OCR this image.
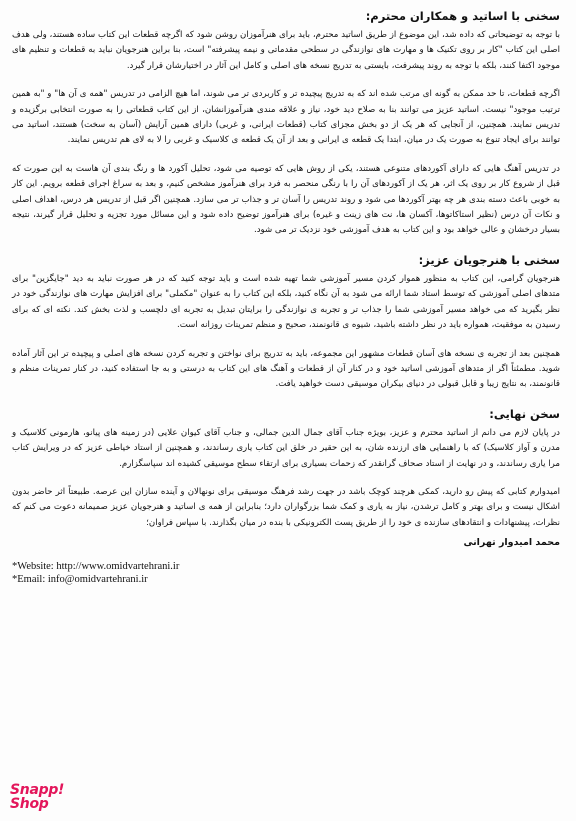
سخنی با اساتید و همکاران محترم:

با توجه به توضیحاتی که داده شد، این موضوع از طریق اساتید محترم، باید برای هنرآموزان روشن شود که اگرچه قطعات این کتاب ساده هستند، ولی هدف اصلی این کتاب "کار بر روی تکنیک ها و مهارت های نوازندگی در سطحی مقدماتی و نیمه پیشرفته" است، بنا براین هنرجویان نباید به قطعات و تنظیم های موجود اکتفا کنند، بلکه با توجه به روند پیشرفت، بایستی به تدریج نسخه های اصلی و کامل این آثار در اختیارشان قرار گیرد.

اگرچه قطعات، تا حد ممکن به گونه ای مرتب شده اند که به تدریج پیچیده تر و کاربردی تر می شوند، اما هیچ الزامی در تدریس "همه ی آن ها" و "به همین ترتیب موجود" نیست. اساتید عزیز می توانند بنا به صلاح دید خود، نیاز و علاقه مندی هنرآموزانشان، از این کتاب قطعاتی را به صورت انتخابی برگزیده و تدریس نمایند. همچنین، از آنجایی که هر یک از دو بخش مجزای کتاب (قطعات ایرانی، و غربی) دارای همین آرایش (آسان به سخت) هستند، اساتید می توانند برای ایجاد تنوع به صورت یک در میان، ابتدا یک قطعه ی ایرانی و بعد از آن یک قطعه ی کلاسیک و غربی را لا به لای هم تدریس نمایند.

در تدریس آهنگ هایی که دارای آکوردهای متنوعی هستند، یکی از روش هایی که توصیه می شود، تحلیل آکورد ها و رنگ بندی آن هاست به این صورت که قبل از شروع کار بر روی یک اثر، هر یک از آکوردهای آن را با رنگی منحصر به فرد برای هنرآموز مشخص کنیم، و بعد به سراغ اجرای قطعه برویم. این کار به خوبی باعث دسته بندی هر چه بهتر آکوردها می شود و روند تدریس را آسان تر و جذاب تر می سازد. همچنین اگر قبل از تدریس هر درس، اهداف اصلی و نکات آن درس (نظیر استاکاتوها، آکسان ها، نت های زینت و غیره) برای هنرآموز توضیح داده شود و این مسائل مورد تجزیه و تحلیل قرار گیرند، نتیجه بسیار درخشان و عالی خواهد بود و این کتاب به هدف آموزشی خود نزدیک تر می شود.

سخنی با هنرجویان عزیز:

هنرجویان گرامی، این کتاب به منظور هموار کردن مسیر آموزشی شما تهیه شده است و باید توجه کنید که در هر صورت نباید به دید "جایگزین" برای متدهای اصلی آموزشی که توسط استاد شما ارائه می شود به آن نگاه کنید، بلکه این کتاب را به عنوان "مکملی" برای افزایش مهارت های نوازندگی خود در نظر بگیرید که می خواهد مسیر آموزشی شما را جذاب تر و تجربه ی نوازندگی را برایتان تبدیل به تجربه ای دلچسب و لذت بخش کند. نکته ای که برای رسیدن به موفقیت، همواره باید در نظر داشته باشید، شیوه ی قانونمند، صحیح و منظم تمرینات روزانه است.

همچنین بعد از تجربه ی نسخه های آسان قطعات مشهور این مجموعه، باید به تدریج برای نواختن و تجربه کردن نسخه های اصلی و پیچیده تر این آثار آماده شوید. مطمئناً اگر از متدهای آموزشی اساتید خود و در کنار آن از قطعات و آهنگ های این کتاب به درستی و به جا استفاده کنید، در کنار تمرینات منظم و قانونمند، به نتایج زیبا و قابل قبولی در دنیای بیکران موسیقی دست خواهید یافت.

سخن نهایی:

در پایان لازم می دانم از اساتید محترم و عزیز، بویژه جناب آقای جمال الدین جمالی، و جناب آقای کیوان علایی (در زمینه های پیانو، هارمونی کلاسیک و مدرن و آواز کلاسیک) که با راهنمایی های ارزنده شان، به این حقیر در خلق این کتاب یاری رساندند، و همچنین از استاد خیاطی عزیز که در ویرایش کتاب مرا یاری رساندند، و در نهایت از استاد صحاف گرانقدر که زحمات بسیاری برای ارتقاء سطح موسیقی کشیده اند سپاسگزارم.

امیدوارم کتابی که پیش رو دارید، کمکی هرچند کوچک باشد در جهت رشد فرهنگ موسیقی برای نونهالان و آینده سازان این عرصه. طبیعتاً اثر حاضر بدون اشکال نیست و برای بهتر و کامل ترشدن، نیاز به یاری و کمک شما بزرگواران دارد؛ بنابراین از همه ی اساتید و هنرجویان عزیز صمیمانه دعوت می کنم که نظرات، پیشنهادات و انتقادهای سازنده ی خود را از طریق پست الکترونیکی با بنده در میان بگذارند. با سپاس فراوان؛

محمد امیدوار تهرانی
*Website: http://www.omidvartehrani.ir
*Email: info@omidvartehrani.ir
Snapp!
Shop
